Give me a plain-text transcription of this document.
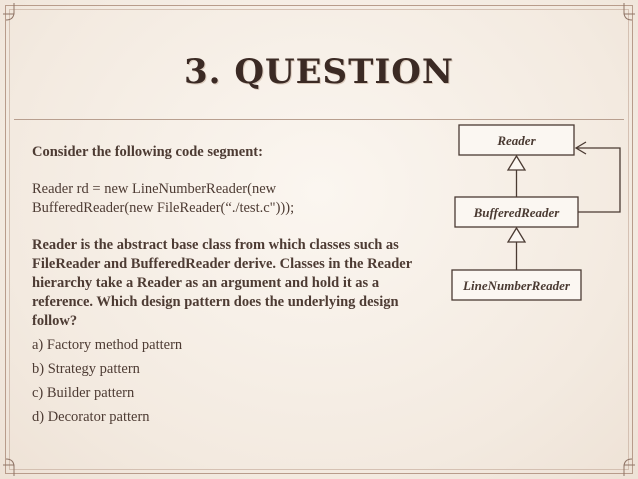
3. QUESTION

Consider the following code segment:

Reader rd = new LineNumberReader(new

BufferedReader(new FileReader(“./test.c")));

Reader is the abstract base class from which classes such as FileReader and BufferedReader derive. Classes in the Reader hierarchy take a Reader as an argument and hold it as a reference. Which design pattern does the underlying design follow?

a) Factory method pattern

b) Strategy pattern

c) Builder pattern

d) Decorator pattern

Reader
BufferedReader
LineNumberReader
